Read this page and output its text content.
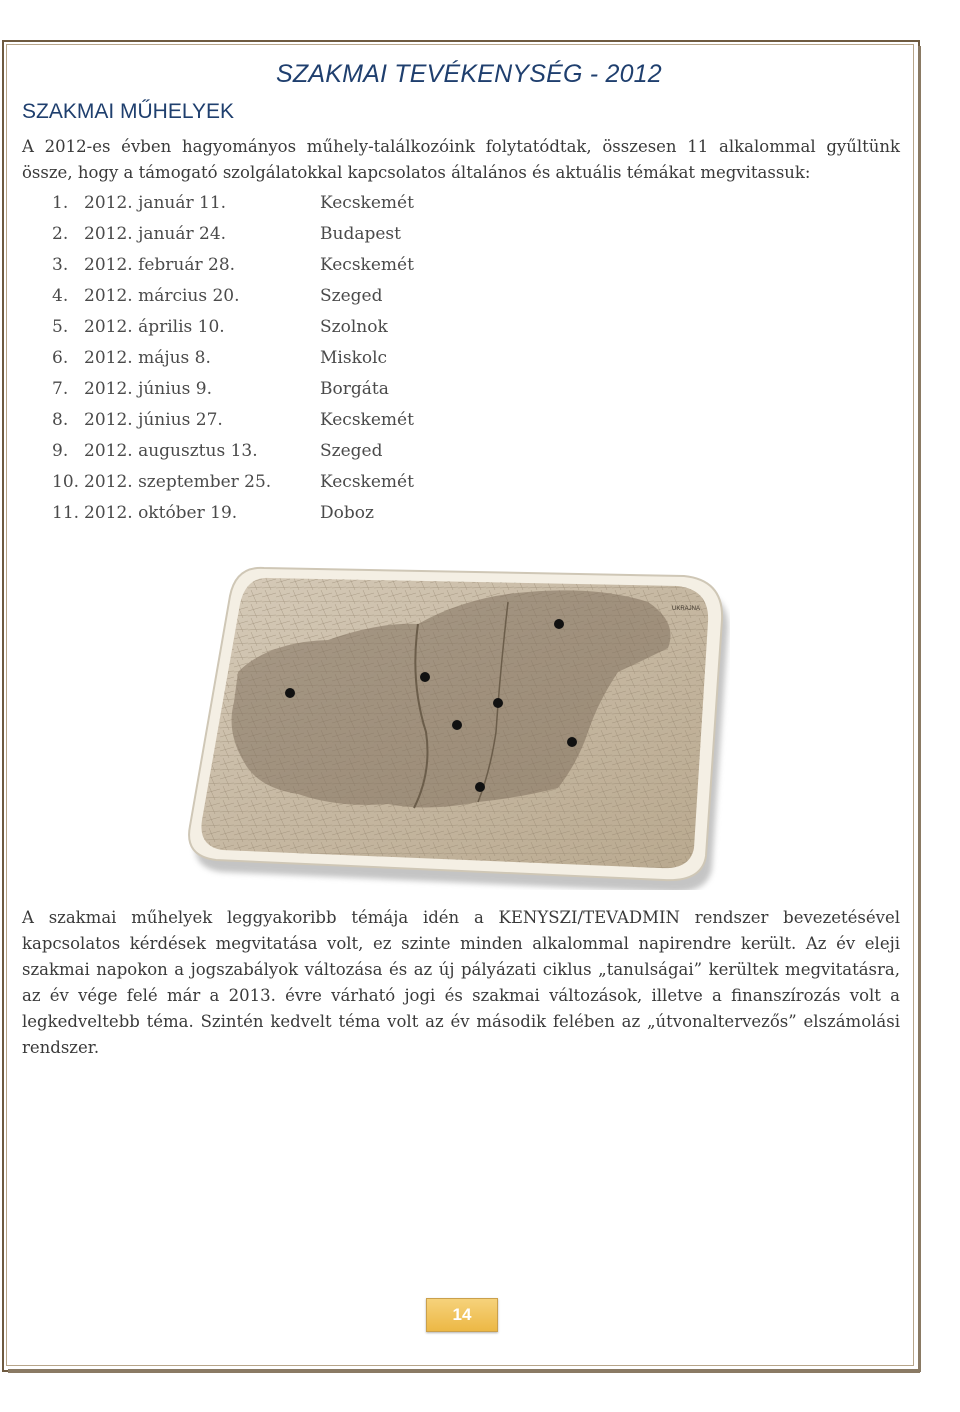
SZAKMAI TEVÉKENYSÉG - 2012
SZAKMAI MŰHELYEK

A 2012-es évben hagyományos műhely-találkozóink folytatódtak, összesen 11 alkalommal gyűltünk össze, hogy a támogató szolgálatokkal kapcsolatos általános és aktuális témákat megvitassuk:

1. 2012. január 11.	Kecskemét
2. 2012. január 24.	Budapest
3. 2012. február 28.	Kecskemét
4. 2012. március 20.	Szeged
5. 2012. április 10.	Szolnok
6. 2012. május 8.	Miskolc
7. 2012. június 9.	Borgáta
8. 2012. június 27.	Kecskemét
9. 2012. augusztus 13.	Szeged
10. 2012. szeptember 25.	Kecskemét
11. 2012. október 19.	Doboz
UKRAJNA

A szakmai műhelyek leggyakoribb témája idén a KENYSZI/TEVADMIN rendszer bevezetésével kapcsolatos kérdések megvitatása volt, ez szinte minden alkalommal napirendre került. Az év eleji szakmai napokon a jogszabályok változása és az új pályázati ciklus „tanulságai” kerültek megvitatásra, az év vége felé már a 2013. évre várható jogi és szakmai változások, illetve a finanszírozás volt a legkedveltebb téma. Szintén kedvelt téma volt az év második felében az „útvonaltervezős” elszámolási rendszer.

14
